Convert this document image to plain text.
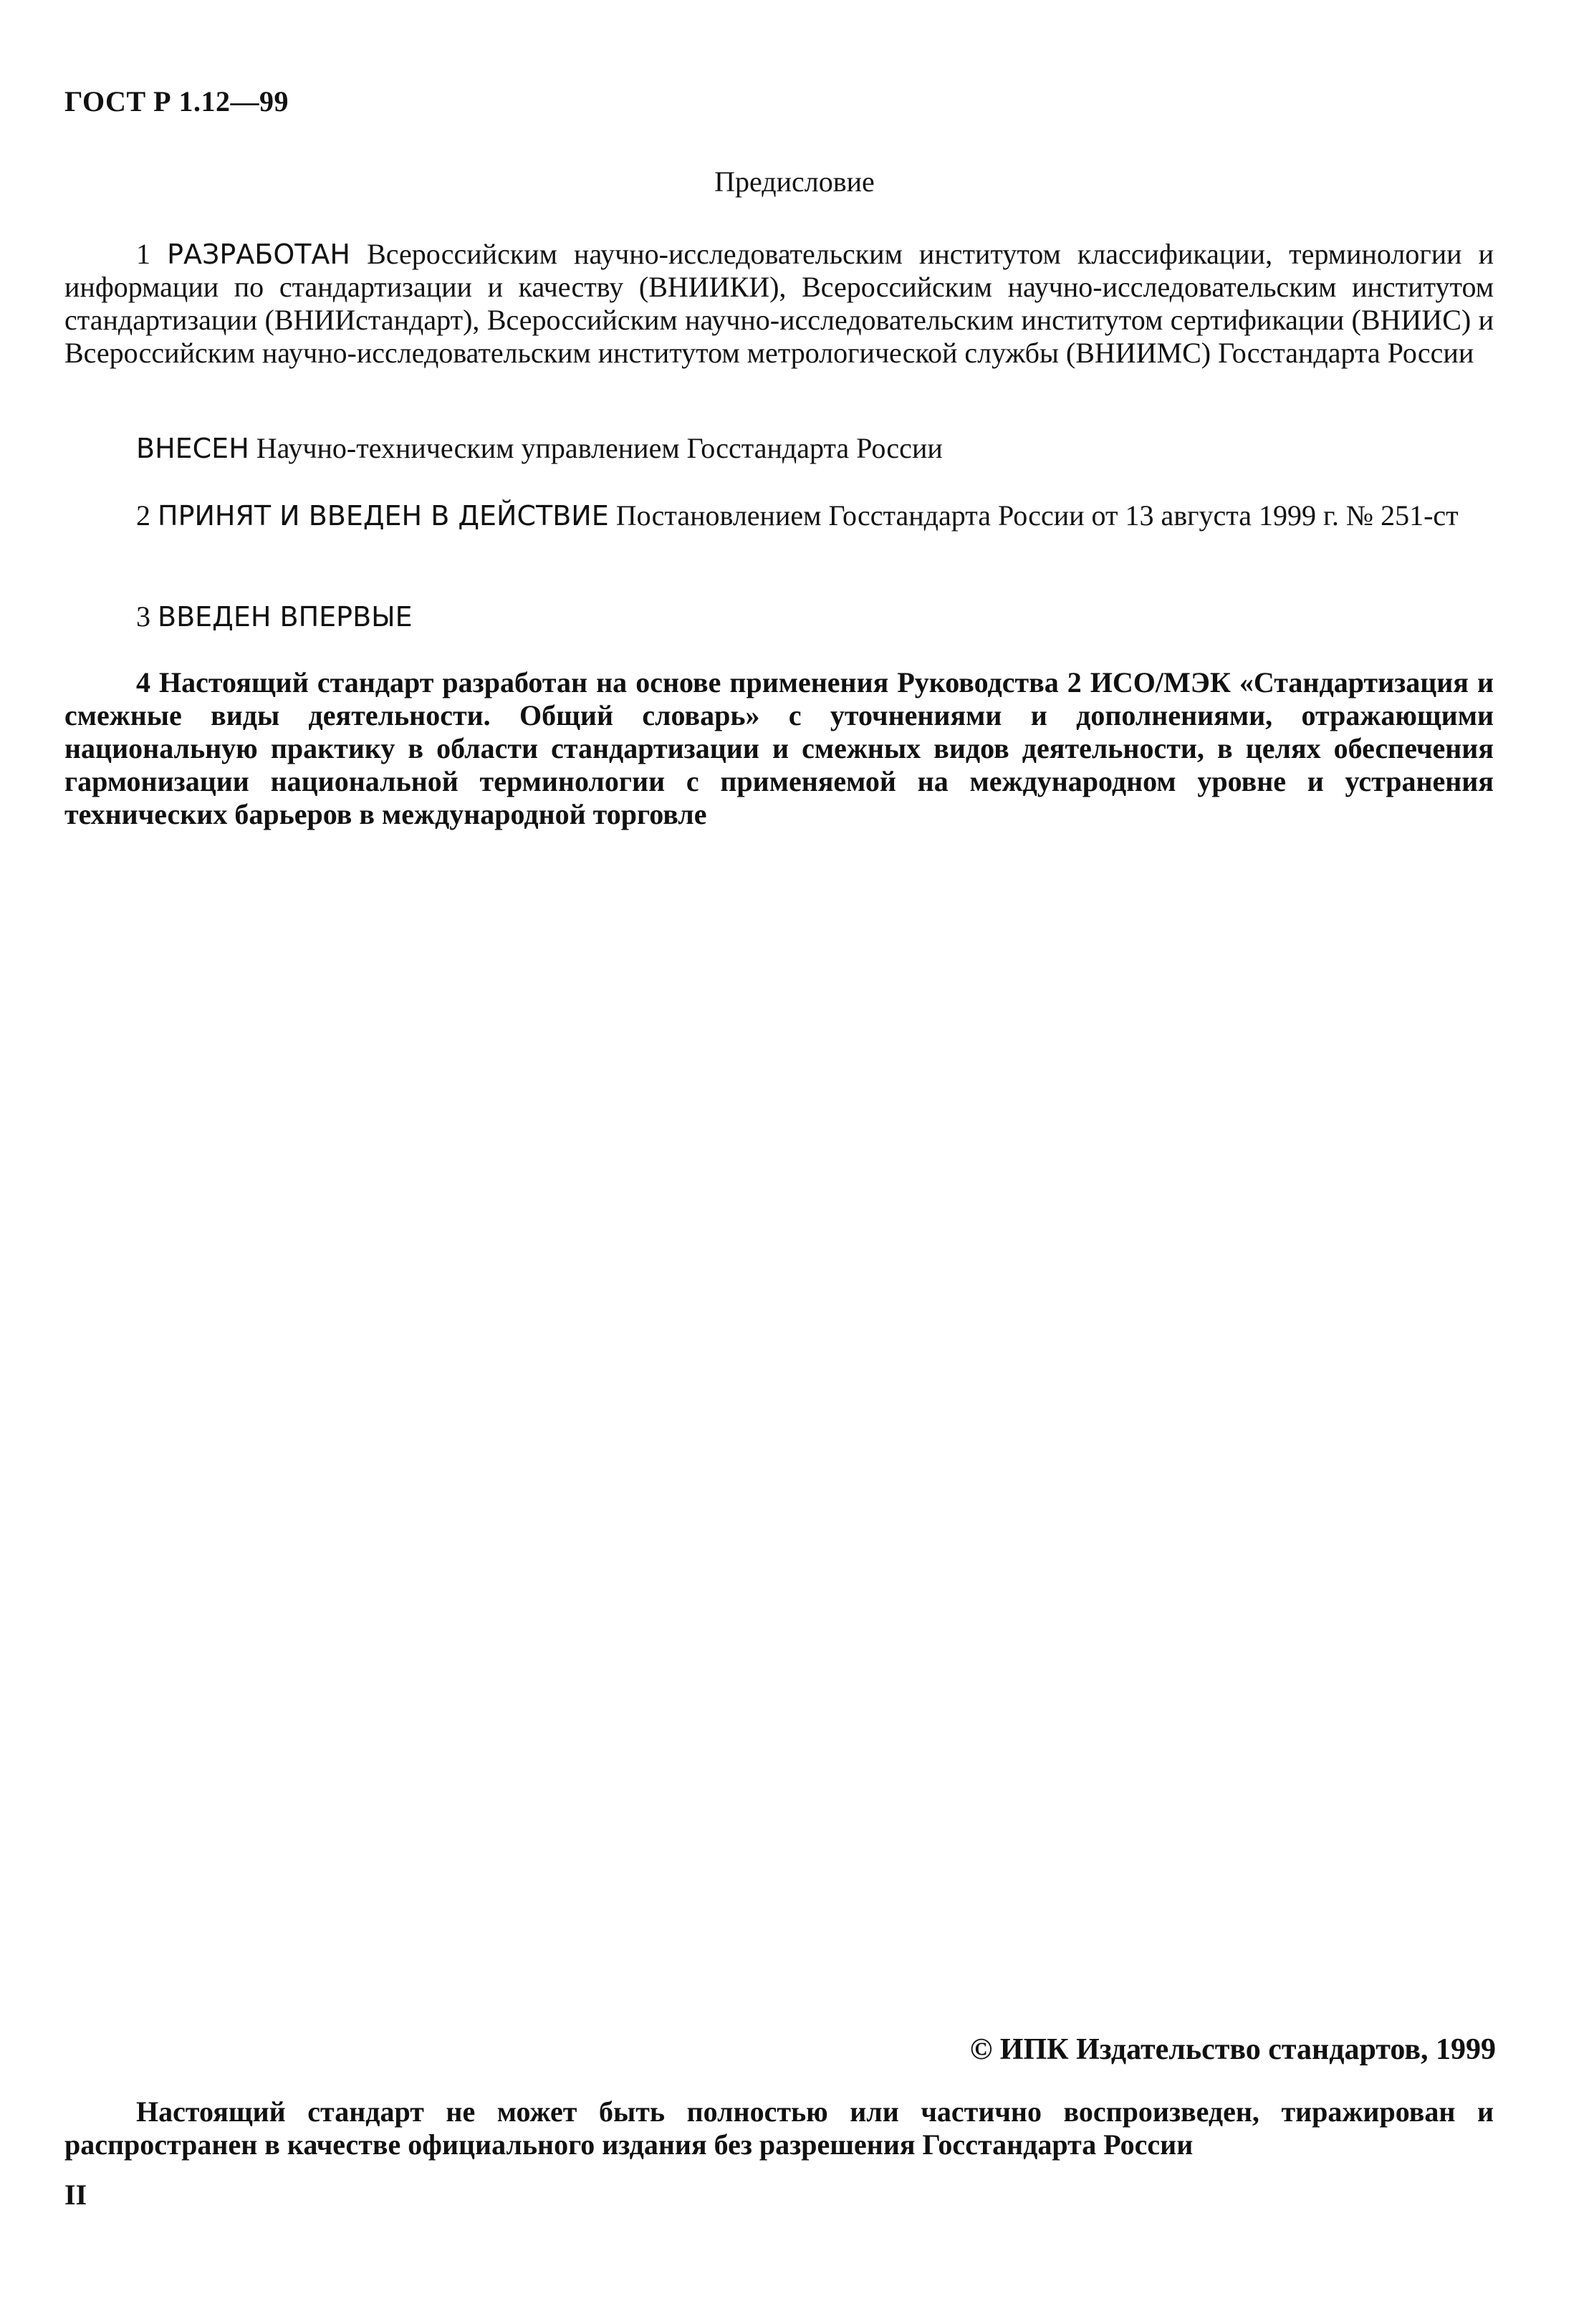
ГОСТ Р 1.12—99
Предисловие

1 РАЗРАБОТАН Всероссийским научно-исследовательским институтом классификации, терминологии и информации по стандартизации и качеству (ВНИИКИ), Всероссийским научно-исследовательским институтом стандартизации (ВНИИстандарт), Всероссийским научно-исследовательским институтом сертификации (ВНИИС) и Всероссийским научно-исследовательским институтом метрологической службы (ВНИИМС) Госстандарта России

ВНЕСЕН Научно-техническим управлением Госстандарта России

2 ПРИНЯТ И ВВЕДЕН В ДЕЙСТВИЕ Постановлением Госстандарта России от 13 августа 1999 г. № 251-ст

3 ВВЕДЕН ВПЕРВЫЕ

4 Настоящий стандарт разработан на основе применения Руководства 2 ИСО/МЭК «Стандартизация и смежные виды деятельности. Общий словарь» с уточнениями и дополнениями, отражающими национальную практику в области стандартизации и смежных видов деятельности, в целях обеспечения гармонизации национальной терминологии с применяемой на международном уровне и устранения технических барьеров в международной торговле

© ИПК Издательство стандартов, 1999

Настоящий стандарт не может быть полностью или частично воспроизведен, тиражирован и распространен в качестве официального издания без разрешения Госстандарта России

II
